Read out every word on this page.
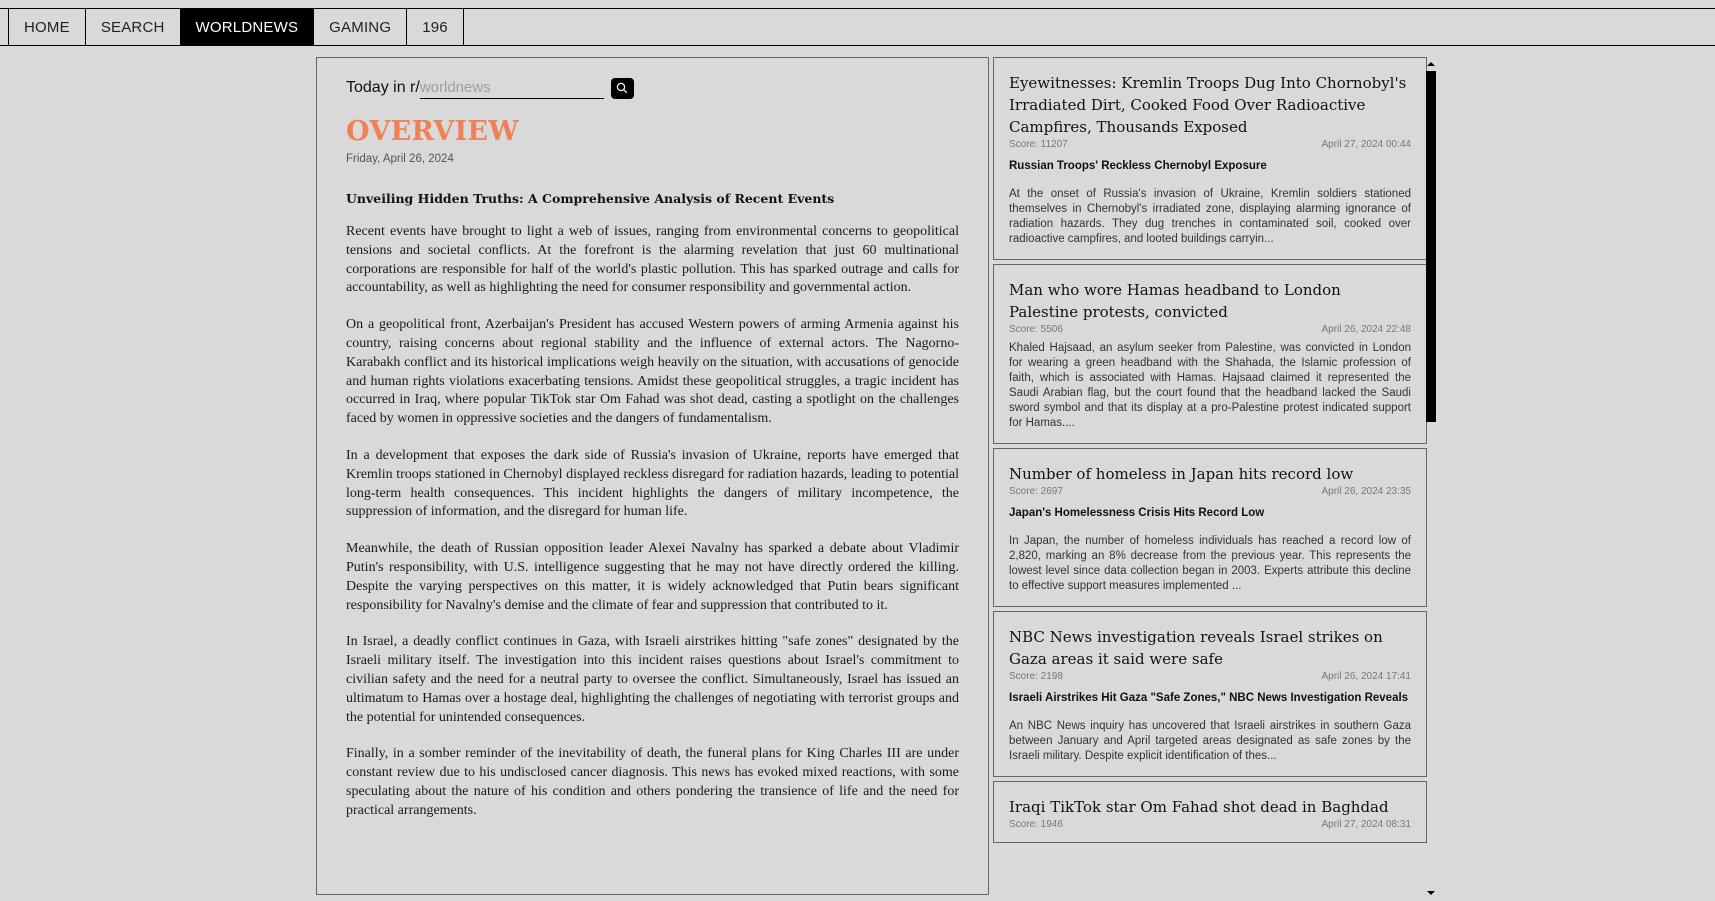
HOME	SEARCH	WORLDNEWS	GAMING	196
Today in r/
worldnews
OVERVIEW
Friday, April 26, 2024
Unveiling Hidden Truths: A Comprehensive Analysis of Recent Events

Recent events have brought to light a web of issues, ranging from environmental concerns to geopolitical tensions and societal conflicts. At the forefront is the alarming revelation that just 60 multinational corporations are responsible for half of the world's plastic pollution. This has sparked outrage and calls for accountability, as well as highlighting the need for consumer responsibility and governmental action.

On a geopolitical front, Azerbaijan's President has accused Western powers of arming Armenia against his country, raising concerns about regional stability and the influence of external actors. The Nagorno-Karabakh conflict and its historical implications weigh heavily on the situation, with accusations of genocide and human rights violations exacerbating tensions. Amidst these geopolitical struggles, a tragic incident has occurred in Iraq, where popular TikTok star Om Fahad was shot dead, casting a spotlight on the challenges faced by women in oppressive societies and the dangers of fundamentalism.

In a development that exposes the dark side of Russia's invasion of Ukraine, reports have emerged that Kremlin troops stationed in Chernobyl displayed reckless disregard for radiation hazards, leading to potential long-term health consequences. This incident highlights the dangers of military incompetence, the suppression of information, and the disregard for human life.

Meanwhile, the death of Russian opposition leader Alexei Navalny has sparked a debate about Vladimir Putin's responsibility, with U.S. intelligence suggesting that he may not have directly ordered the killing. Despite the varying perspectives on this matter, it is widely acknowledged that Putin bears significant responsibility for Navalny's demise and the climate of fear and suppression that contributed to it.

In Israel, a deadly conflict continues in Gaza, with Israeli airstrikes hitting "safe zones" designated by the Israeli military itself. The investigation into this incident raises questions about Israel's commitment to civilian safety and the need for a neutral party to oversee the conflict. Simultaneously, Israel has issued an ultimatum to Hamas over a hostage deal, highlighting the challenges of negotiating with terrorist groups and the potential for unintended consequences.

Finally, in a somber reminder of the inevitability of death, the funeral plans for King Charles III are under constant review due to his undisclosed cancer diagnosis. This news has evoked mixed reactions, with some speculating about the nature of his condition and others pondering the transience of life and the need for practical arrangements.

Eyewitnesses: Kremlin Troops Dug Into Chornobyl's Irradiated Dirt, Cooked Food Over Radioactive Campfires, Thousands Exposed
Score: 11207	April 27, 2024 00:44
Russian Troops' Reckless Chernobyl Exposure
At the onset of Russia's invasion of Ukraine, Kremlin soldiers stationed themselves in Chernobyl's irradiated zone, displaying alarming ignorance of radiation hazards. They dug trenches in contaminated soil, cooked over radioactive campfires, and looted buildings carryin...
Man who wore Hamas headband to London Palestine protests, convicted
Score: 5506	April 26, 2024 22:48
Khaled Hajsaad, an asylum seeker from Palestine, was convicted in London for wearing a green headband with the Shahada, the Islamic profession of faith, which is associated with Hamas. Hajsaad claimed it represented the Saudi Arabian flag, but the court found that the headband lacked the Saudi sword symbol and that its display at a pro-Palestine protest indicated support for Hamas....
Number of homeless in Japan hits record low
Score: 2697	April 26, 2024 23:35
Japan's Homelessness Crisis Hits Record Low
In Japan, the number of homeless individuals has reached a record low of 2,820, marking an 8% decrease from the previous year. This represents the lowest level since data collection began in 2003. Experts attribute this decline to effective support measures implemented ...
NBC News investigation reveals Israel strikes on Gaza areas it said were safe
Score: 2198	April 26, 2024 17:41
Israeli Airstrikes Hit Gaza "Safe Zones," NBC News Investigation Reveals
An NBC News inquiry has uncovered that Israeli airstrikes in southern Gaza between January and April targeted areas designated as safe zones by the Israeli military. Despite explicit identification of thes...
Iraqi TikTok star Om Fahad shot dead in Baghdad
Score: 1946	April 27, 2024 08:31
